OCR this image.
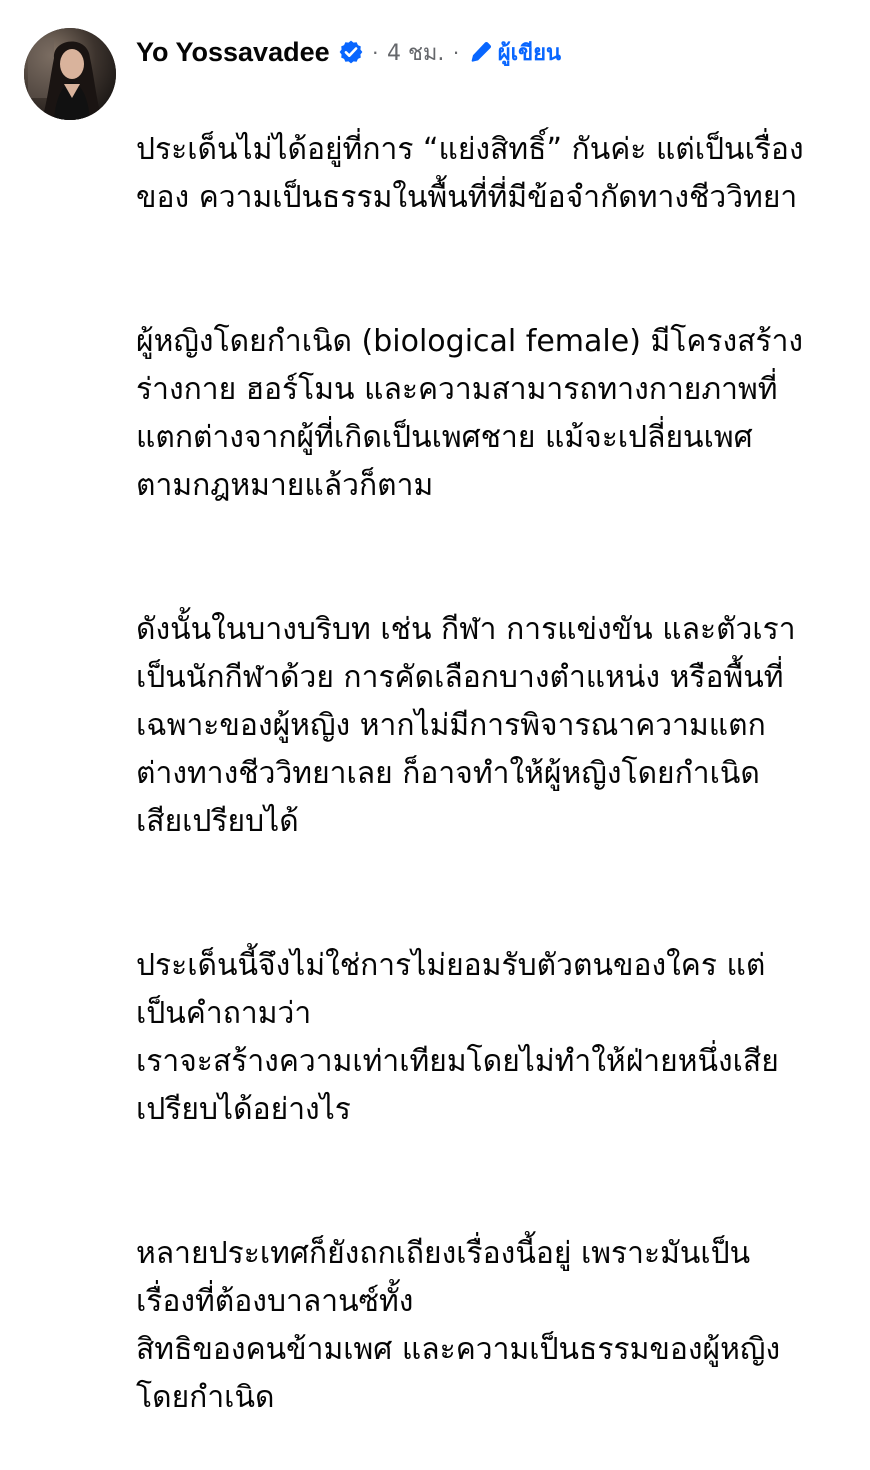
Yo Yossavadee · 4 ชม. · ผู้เขียน

ประเด็นไม่ได้อยู่ที่การ “แย่งสิทธิ์” กันค่ะ แต่เป็นเรื่อง
ของ ความเป็นธรรมในพื้นที่ที่มีข้อจำกัดทางชีววิทยา

ผู้หญิงโดยกำเนิด (biological female) มีโครงสร้าง
ร่างกาย ฮอร์โมน และความสามารถทางกายภาพที่
แตกต่างจากผู้ที่เกิดเป็นเพศชาย แม้จะเปลี่ยนเพศ
ตามกฎหมายแล้วก็ตาม

ดังนั้นในบางบริบท เช่น กีฬา การแข่งขัน และตัวเรา
เป็นนักกีฬาด้วย การคัดเลือกบางตำแหน่ง หรือพื้นที่
เฉพาะของผู้หญิง หากไม่มีการพิจารณาความแตก
ต่างทางชีววิทยาเลย ก็อาจทำให้ผู้หญิงโดยกำเนิด
เสียเปรียบได้

ประเด็นนี้จึงไม่ใช่การไม่ยอมรับตัวตนของใคร แต่
เป็นคำถามว่า
เราจะสร้างความเท่าเทียมโดยไม่ทำให้ฝ่ายหนึ่งเสีย
เปรียบได้อย่างไร

หลายประเทศก็ยังถกเถียงเรื่องนี้อยู่ เพราะมันเป็น
เรื่องที่ต้องบาลานซ์ทั้ง
สิทธิของคนข้ามเพศ และความเป็นธรรมของผู้หญิง
โดยกำเนิด
